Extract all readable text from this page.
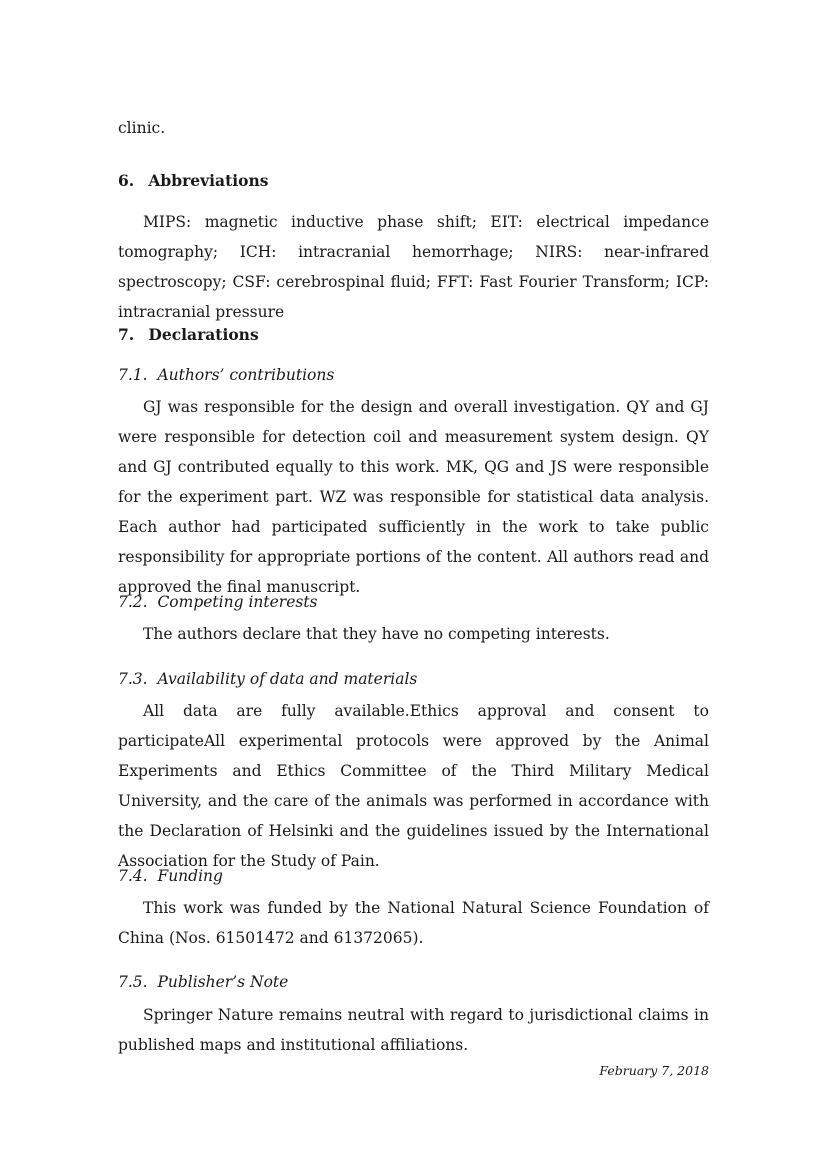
clinic.

6. Abbreviations

MIPS: magnetic inductive phase shift; EIT: electrical impedance tomography; ICH: intracranial hemorrhage; NIRS: near-infrared spectroscopy; CSF: cerebrospinal fluid; FFT: Fast Fourier Transform; ICP: intracranial pressure

7. Declarations
7.1. Authors’ contributions

GJ was responsible for the design and overall investigation. QY and GJ were responsible for detection coil and measurement system design. QY and GJ contributed equally to this work. MK, QG and JS were responsible for the experiment part. WZ was responsible for statistical data analysis. Each author had participated sufficiently in the work to take public responsibility for appropriate portions of the content. All authors read and approved the final manuscript.

7.2. Competing interests

The authors declare that they have no competing interests.

7.3. Availability of data and materials

All data are fully available.Ethics approval and consent to participateAll experimental protocols were approved by the Animal Experiments and Ethics Committee of the Third Military Medical University, and the care of the animals was performed in accordance with the Declaration of Helsinki and the guidelines issued by the International Association for the Study of Pain.

7.4. Funding

This work was funded by the National Natural Science Foundation of China (Nos. 61501472 and 61372065).

7.5. Publisher’s Note

Springer Nature remains neutral with regard to jurisdictional claims in published maps and institutional affiliations.

February 7, 2018
